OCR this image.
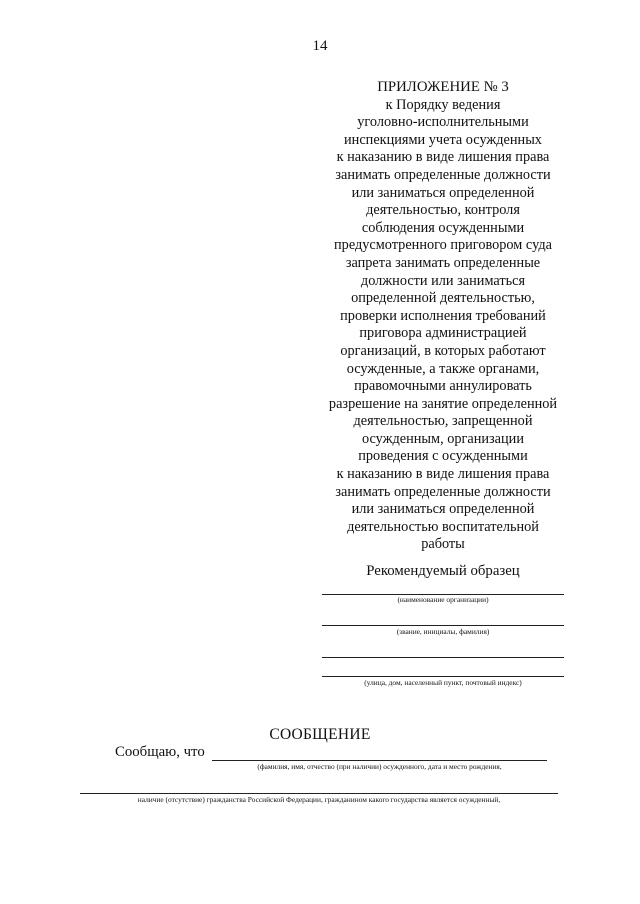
14
ПРИЛОЖЕНИЕ № 3
к Порядку ведения
уголовно-исполнительными
инспекциями учета осужденных
к наказанию в виде лишения права
занимать определенные должности
или заниматься определенной
деятельностью, контроля
соблюдения осужденными
предусмотренного приговором суда
запрета занимать определенные
должности или заниматься
определенной деятельностью,
проверки исполнения требований
приговора администрацией
организаций, в которых работают
осужденные, а также органами,
правомочными аннулировать
разрешение на занятие определенной
деятельностью, запрещенной
осужденным, организации
проведения с осужденными
к наказанию в виде лишения права
занимать определенные должности
или заниматься определенной
деятельностью воспитательной
работы
Рекомендуемый образец
(наименование организации)
(звание, инициалы, фамилия)
(улица, дом, населенный пункт, почтовый индекс)
СООБЩЕНИЕ
Сообщаю, что
(фамилия, имя, отчество (при наличии) осужденного, дата и место рождения,
наличие (отсутствие) гражданства Российской Федерации, гражданином какого государства является осужденный,
